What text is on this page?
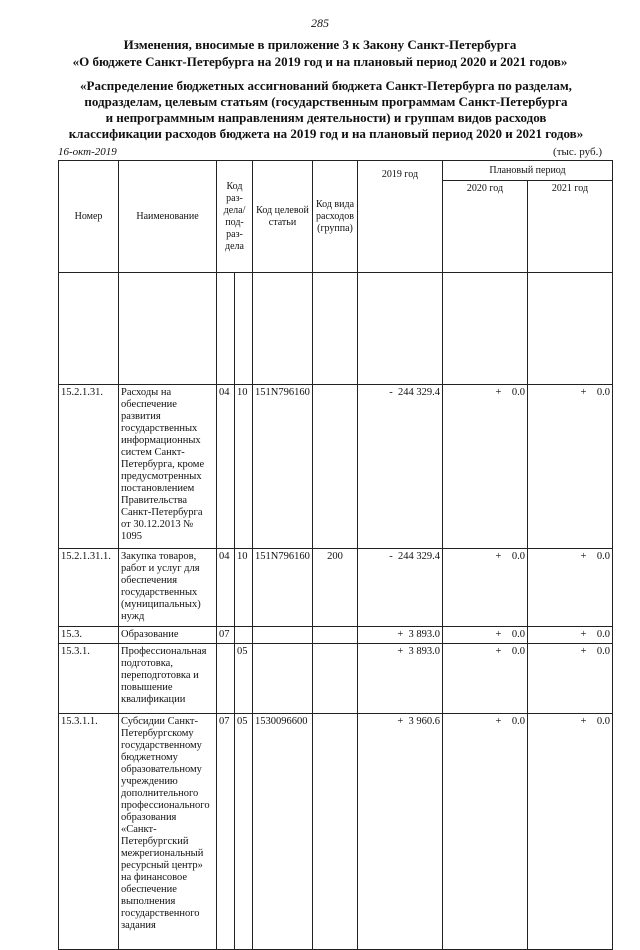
285
Изменения, вносимые в приложение 3 к Закону Санкт-Петербурга
«О бюджете Санкт-Петербурга на 2019 год и на плановый период 2020 и 2021 годов»
«Распределение бюджетных ассигнований бюджета Санкт-Петербурга по разделам,
подразделам, целевым статьям (государственным программам Санкт-Петербурга
и непрограммным направлениям деятельности) и группам видов расходов
классификации расходов бюджета на 2019 год и на плановый период 2020 и 2021 годов»
16-окт-2019	(тыс. руб.)
Номер	Наименование	Код раз-дела/ под-раз-дела		Код целевой статьи	Код вида расходов (группа)	2019 год	Плановый период	
							2020 год	2021 год

15.2.1.31.	Расходы на обеспечение развития государственных информационных систем Санкт-Петербурга, кроме предусмотренных постановлением Правительства Санкт-Петербурга от 30.12.2013 № 1095	04	10	151N796160		-  244 329.4	+    0.0	+    0.0
15.2.1.31.1.	Закупка товаров, работ и услуг для обеспечения государственных (муниципальных) нужд	04	10	151N796160	200	-  244 329.4	+    0.0	+    0.0
15.3.	Образование	07				+  3 893.0	+    0.0	+    0.0
15.3.1.	Профессиональная подготовка, переподготовка и повышение квалификации		05			+  3 893.0	+    0.0	+    0.0
15.3.1.1.	Субсидии Санкт-Петербургскому государственному бюджетному образовательному учреждению дополнительного профессионального образования «Санкт-Петербургский межрегиональный ресурсный центр» на финансовое обеспечение выполнения государственного задания	07	05	1530096600		+  3 960.6	+    0.0	+    0.0
